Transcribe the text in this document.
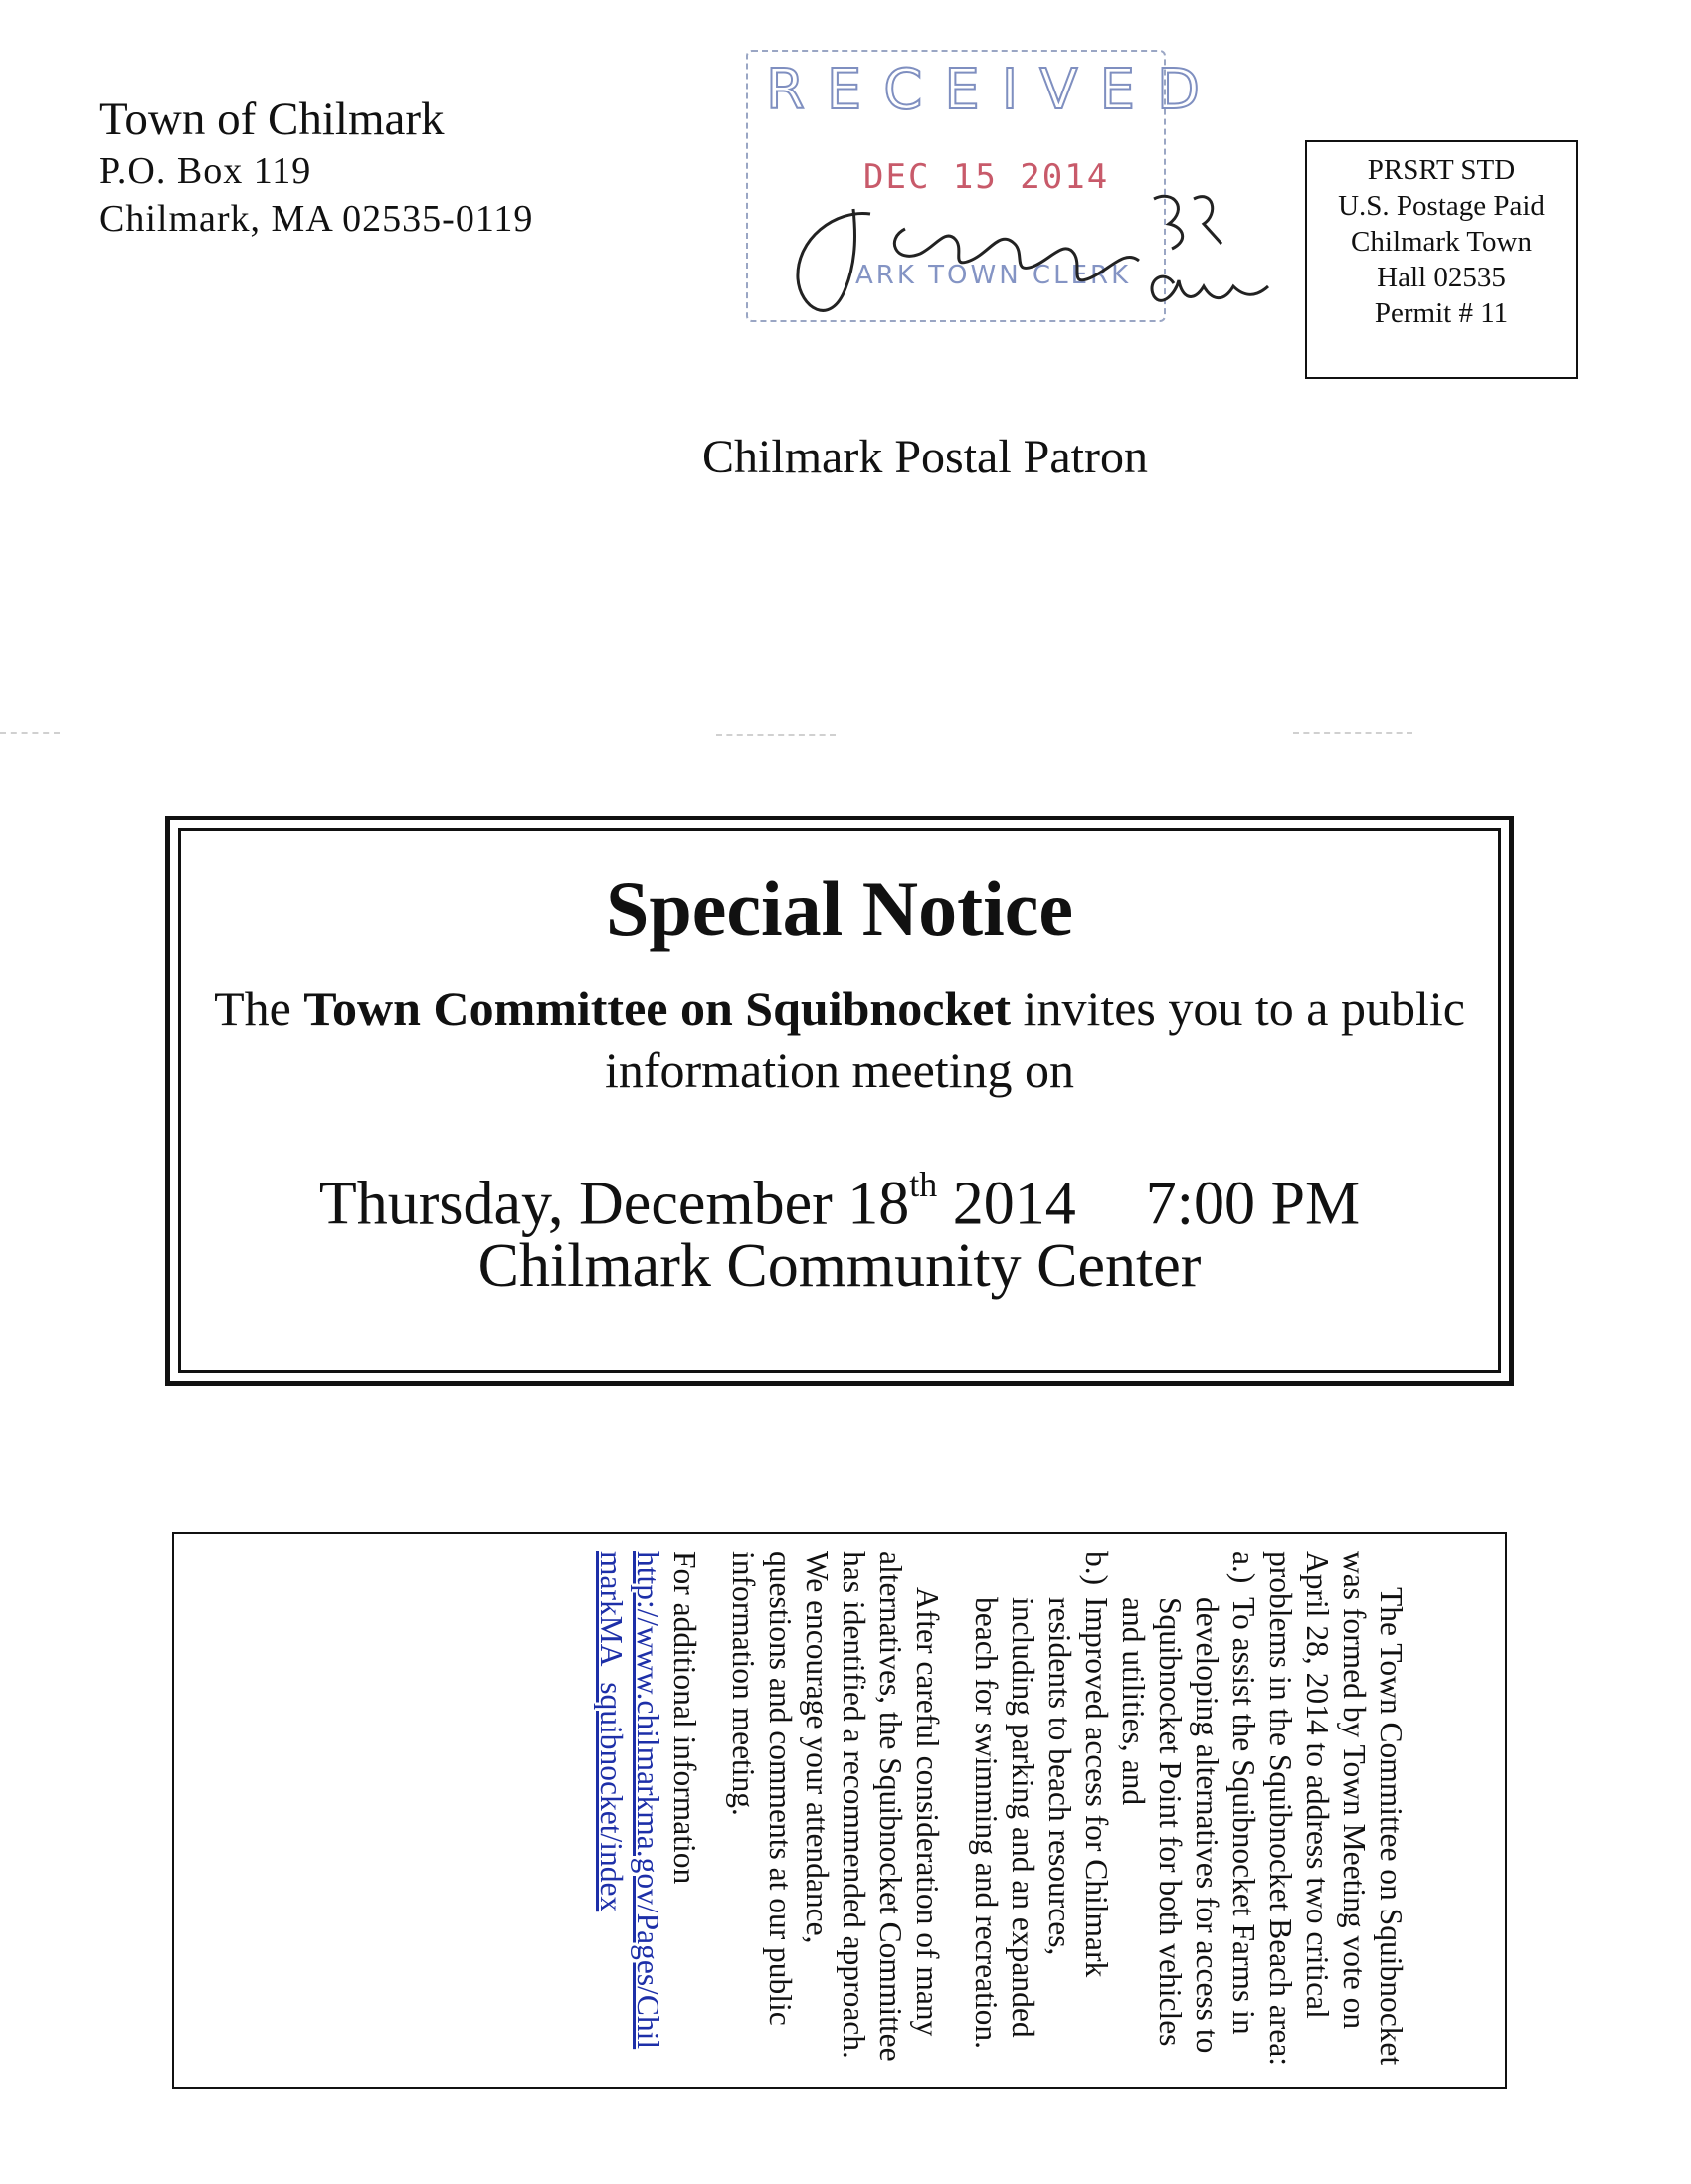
Town of Chilmark
P.O. Box 119
Chilmark, MA 02535-0119
RECEIVED
DEC 15 2014
ARK TOWN CLERK
PRSRT STD
U.S. Postage Paid
Chilmark Town
Hall 02535
Permit # 11
Chilmark Postal Patron
Special Notice
The Town Committee on Squibnocket invites you to a public information meeting on
Thursday, December 18th 2014 7:00 PM
Chilmark Community Center

The Town Committee on Squibnocket was formed by Town Meeting vote on April 28, 2014 to address two critical problems in the Squibnocket Beach area:

a.)
To assist the Squibnocket Farms in developing alternatives for access to Squibnocket Point for both vehicles and utilities, and
b.)
Improved access for Chilmark residents to beach resources, including parking and an expanded beach for swimming and recreation.

After careful consideration of many alternatives, the Squibnocket Committee has identified a recommended approach. We encourage your attendance, questions and comments at our public information meeting.

For additional information

http://www.chilmarkma.gov/Pages/ChilmarkMA_squibnocket/index
